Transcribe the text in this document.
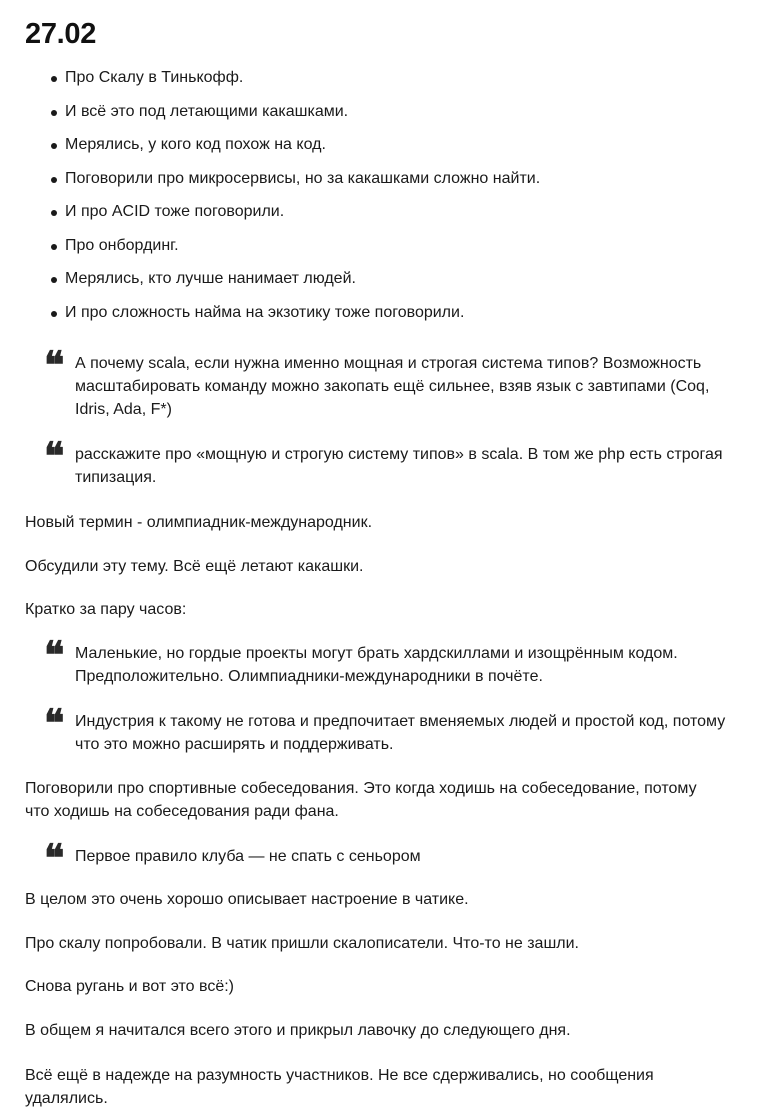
27.02
Про Скалу в Тинькофф.
И всё это под летающими какашками.
Мерялись, у кого код похож на код.
Поговорили про микросервисы, но за какашками сложно найти.
И про ACID тоже поговорили.
Про онбординг.
Мерялись, кто лучше нанимает людей.
И про сложность найма на экзотику тоже поговорили.
❝ А почему scala, если нужна именно мощная и строгая система типов? Возможность масштабировать команду можно закопать ещё сильнее, взяв язык с завтипами (Coq, Idris, Ada, F*)
❝ расскажите про «мощную и строгую систему типов» в scala. В том же php есть строгая типизация.

Новый термин - олимпиадник-международник.

Обсудили эту тему. Всё ещё летают какашки.

Кратко за пару часов:

❝ Маленькие, но гордые проекты могут брать хардскиллами и изощрённым кодом. Предположительно. Олимпиадники-международники в почёте.
❝ Индустрия к такому не готова и предпочитает вменяемых людей и простой код, потому что это можно расширять и поддерживать.

Поговорили про спортивные собеседования. Это когда ходишь на собеседование, потому что ходишь на собеседования ради фана.

❝ Первое правило клуба — не спать с сеньором

В целом это очень хорошо описывает настроение в чатике.

Про скалу попробовали. В чатик пришли скалописатели. Что-то не зашли.

Снова ругань и вот это всё:)

В общем я начитался всего этого и прикрыл лавочку до следующего дня.

Всё ещё в надежде на разумность участников. Не все сдерживались, но сообщения удалялись.
